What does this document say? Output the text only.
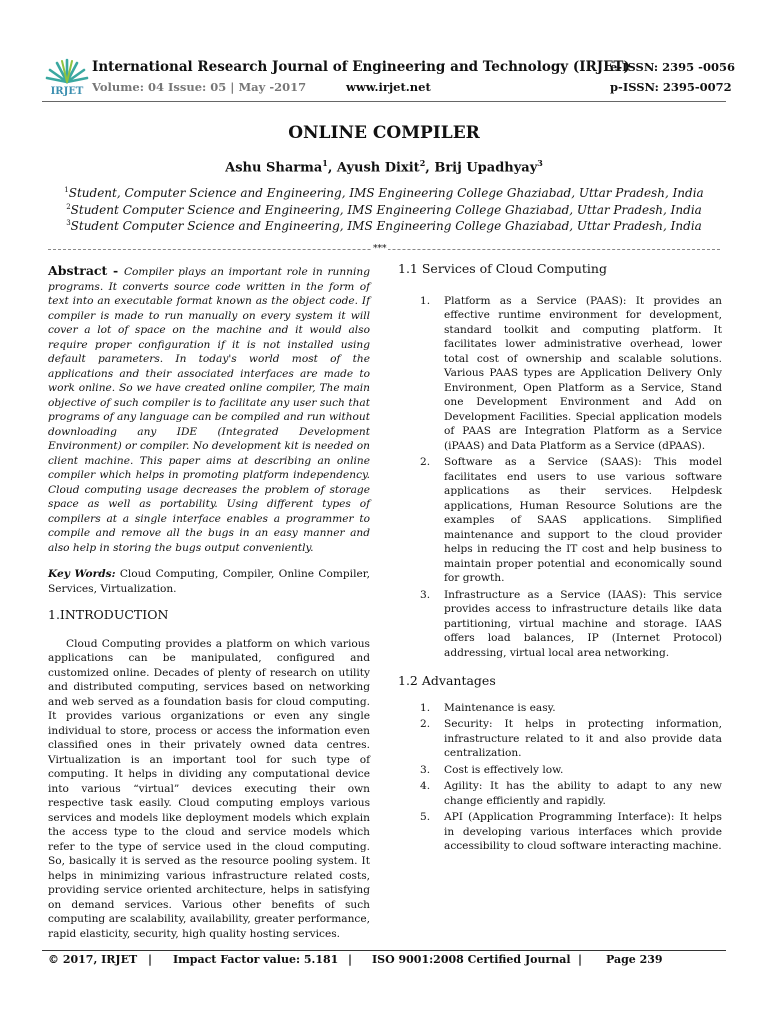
IRJET
International Research Journal of Engineering and Technology (IRJET)
e-ISSN: 2395 -0056
Volume: 04 Issue: 05 | May -2017	www.irjet.net	p-ISSN: 2395-0072
ONLINE COMPILER
Ashu Sharma$^1$, Ayush Dixit$^2$, Brij Upadhyay$^3$
$^1$Student, Computer Science and Engineering, IMS Engineering College Ghaziabad, Uttar Pradesh, India
$^2$Student Computer Science and Engineering, IMS Engineering College Ghaziabad, Uttar Pradesh, India
$^3$Student Computer Science and Engineering, IMS Engineering College Ghaziabad, Uttar Pradesh, India
***

Abstract - Compiler plays an important role in running programs. It converts source code written in the form of text into an executable format known as the object code. If compiler is made to run manually on every system it will cover a lot of space on the machine and it would also require proper configuration if it is not installed using default parameters. In today's world most of the applications and their associated interfaces are made to work online. So we have created online compiler, The main objective of such compiler is to facilitate any user such that programs of any language can be compiled and run without downloading any IDE (Integrated Development Environment) or compiler. No development kit is needed on client machine. This paper aims at describing an online compiler which helps in promoting platform independency. Cloud computing usage decreases the problem of storage space as well as portability. Using different types of compilers at a single interface enables a programmer to compile and remove all the bugs in an easy manner and also help in storing the bugs output conveniently.

Key Words: Cloud Computing, Compiler, Online Compiler, Services, Virtualization.

1.INTRODUCTION

Cloud Computing provides a platform on which various applications can be manipulated, configured and customized online. Decades of plenty of research on utility and distributed computing, services based on networking and web served as a foundation basis for cloud computing. It provides various organizations or even any single individual to store, process or access the information even classified ones in their privately owned data centres. Virtualization is an important tool for such type of computing. It helps in dividing any computational device into various “virtual” devices executing their own respective task easily. Cloud computing employs various services and models like deployment models which explain the access type to the cloud and service models which refer to the type of service used in the cloud computing. So, basically it is served as the resource pooling system. It helps in minimizing various infrastructure related costs, providing service oriented architecture, helps in satisfying on demand services. Various other benefits of such computing are scalability, availability, greater performance, rapid elasticity, security, high quality hosting services.

1.1 Services of Cloud Computing

1. Platform as a Service (PAAS): It provides an effective runtime environment for development, standard toolkit and computing platform. It facilitates lower administrative overhead, lower total cost of ownership and scalable solutions. Various PAAS types are Application Delivery Only Environment, Open Platform as a Service, Stand one Development Environment and Add on Development Facilities. Special application models of PAAS are Integration Platform as a Service (iPAAS) and Data Platform as a Service (dPAAS).
2. Software as a Service (SAAS): This model facilitates end users to use various software applications as their services. Helpdesk applications, Human Resource Solutions are the examples of SAAS applications. Simplified maintenance and support to the cloud provider helps in reducing the IT cost and help business to maintain proper potential and economically sound for growth.
3. Infrastructure as a Service (IAAS): This service provides access to infrastructure details like data partitioning, virtual machine and storage. IAAS offers load balances, IP (Internet Protocol) addressing, virtual local area networking.

1.2 Advantages

1. Maintenance is easy.
2. Security: It helps in protecting information, infrastructure related to it and also provide data centralization.
3. Cost is effectively low.
4. Agility: It has the ability to adapt to any new change efficiently and rapidly.
5. API (Application Programming Interface): It helps in developing various interfaces which provide accessibility to cloud software interacting machine.
© 2017, IRJET | Impact Factor value: 5.181 | ISO 9001:2008 Certified Journal | Page 239
